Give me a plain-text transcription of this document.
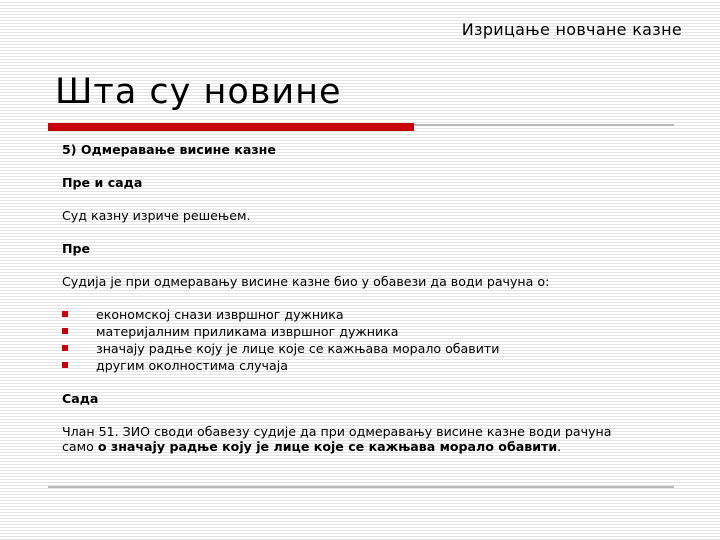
Изрицање новчане казне
Шта су новине

5) Одмеравање висине казне

Пре и сада

Суд казну изриче решењем.

Пре

Судија је при одмеравању висине казне био у обавези да води рачуна о:

економској снази извршног дужника
материјалним приликама извршног дужника
значају радње коју је лице које се кажњава морало обавити
другим околностима случаја

Сада

Члан 51. ЗИО своди обавезу судије да при одмеравању висине казне води рачуна
само о значају радње коју је лице које се кажњава морало обавити.
